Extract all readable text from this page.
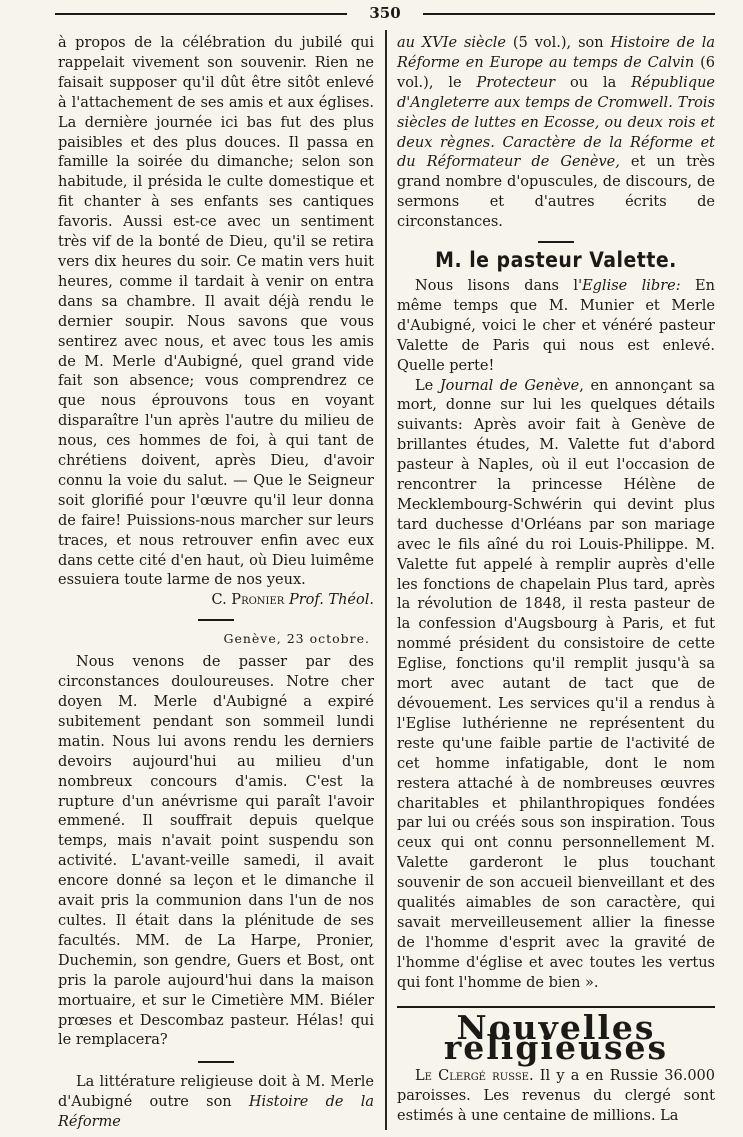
350

à propos de la célébration du jubilé qui rappelait vivement son souvenir. Rien ne faisait supposer qu'il dût être sitôt enlevé à l'attachement de ses amis et aux églises. La dernière journée ici bas fut des plus paisibles et des plus douces. Il passa en famille la soirée du dimanche; selon son habitude, il présida le culte domestique et fit chanter à ses enfants ses cantiques favoris. Aussi est-ce avec un sentiment très vif de la bonté de Dieu, qu'il se retira vers dix heures du soir. Ce matin vers huit heures, comme il tardait à venir on entra dans sa chambre. Il avait déjà rendu le dernier soupir. Nous savons que vous sentirez avec nous, et avec tous les amis de M. Merle d'Aubigné, quel grand vide fait son absence; vous comprendrez ce que nous éprouvons tous en voyant disparaître l'un après l'autre du milieu de nous, ces hommes de foi, à qui tant de chrétiens doivent, après Dieu, d'avoir connu la voie du salut. — Que le Seigneur soit glorifié pour l'œuvre qu'il leur donna de faire! Puissions-nous marcher sur leurs traces, et nous retrouver enfin avec eux dans cette cité d'en haut, où Dieu luimême essuiera toute larme de nos yeux.

C. Pronier Prof. Théol.

Genève, 23 octobre.

Nous venons de passer par des circonstances douloureuses. Notre cher doyen M. Merle d'Aubigné a expiré subitement pendant son sommeil lundi matin. Nous lui avons rendu les derniers devoirs aujourd'hui au milieu d'un nombreux concours d'amis. C'est la rupture d'un anévrisme qui paraît l'avoir emmené. Il souffrait depuis quelque temps, mais n'avait point suspendu son activité. L'avant-veille samedi, il avait encore donné sa leçon et le dimanche il avait pris la communion dans l'un de nos cultes. Il était dans la plénitude de ses facultés. MM. de La Harpe, Pronier, Duchemin, son gendre, Guers et Bost, ont pris la parole aujourd'hui dans la maison mortuaire, et sur le Cimetière MM. Biéler prœses et Descombaz pasteur. Hélas! qui le remplacera?

La littérature religieuse doit à M. Merle d'Aubigné outre son Histoire de la Réforme

au XVIe siècle (5 vol.), son Histoire de la Réforme en Europe au temps de Calvin (6 vol.), le Protecteur ou la République d'Angleterre aux temps de Cromwell. Trois siècles de luttes en Ecosse, ou deux rois et deux règnes. Caractère de la Réforme et du Réformateur de Genève, et un très grand nombre d'opuscules, de discours, de sermons et d'autres écrits de circonstances.

M. le pasteur Valette.

Nous lisons dans l'Eglise libre: En même temps que M. Munier et Merle d'Aubigné, voici le cher et vénéré pasteur Valette de Paris qui nous est enlevé. Quelle perte!

Le Journal de Genève, en annonçant sa mort, donne sur lui les quelques détails suivants: Après avoir fait à Genève de brillantes études, M. Valette fut d'abord pasteur à Naples, où il eut l'occasion de rencontrer la princesse Hélène de Mecklembourg-Schwérin qui devint plus tard duchesse d'Orléans par son mariage avec le fils aîné du roi Louis-Philippe. M. Valette fut appelé à remplir auprès d'elle les fonctions de chapelain Plus tard, après la révolution de 1848, il resta pasteur de la confession d'Augsbourg à Paris, et fut nommé président du consistoire de cette Eglise, fonctions qu'il remplit jusqu'à sa mort avec autant de tact que de dévouement. Les services qu'il a rendus à l'Eglise luthérienne ne représentent du reste qu'une faible partie de l'activité de cet homme infatigable, dont le nom restera attaché à de nombreuses œuvres charitables et philanthropiques fondées par lui ou créés sous son inspiration. Tous ceux qui ont connu personnellement M. Valette garderont le plus touchant souvenir de son accueil bienveillant et des qualités aimables de son caractère, qui savait merveilleusement allier la finesse de l'homme d'esprit avec la gravité de l'homme d'église et avec toutes les vertus qui font l'homme de bien ».

Nouvelles religieuses

Le Clergé russe. Il y a en Russie 36.000 paroisses. Les revenus du clergé sont estimés à une centaine de millions. La
